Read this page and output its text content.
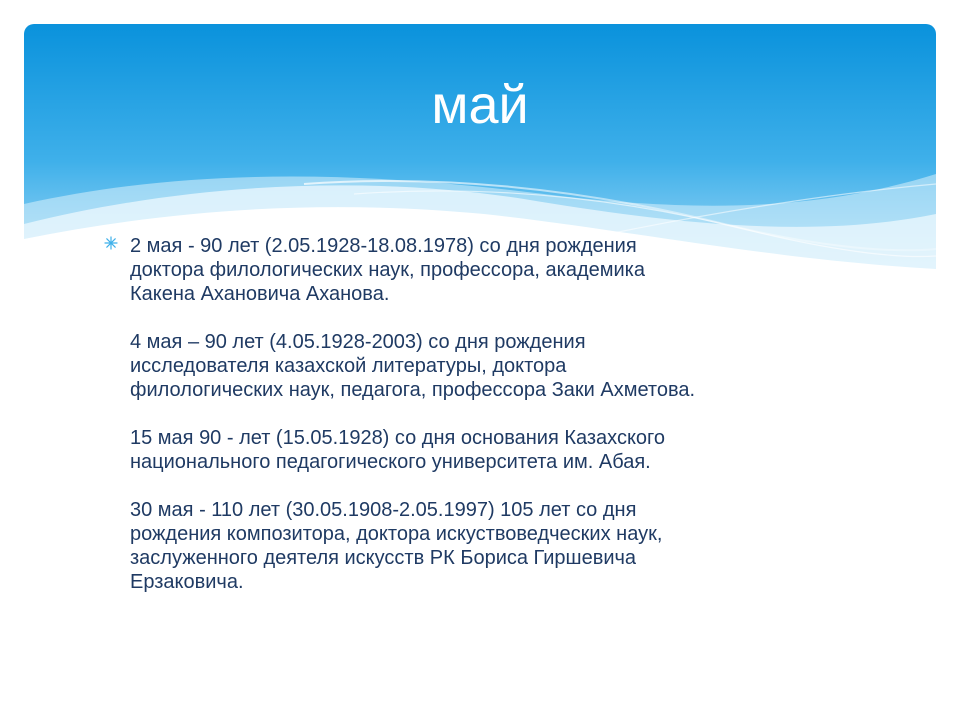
май

2 мая - 90 лет (2.05.1928-18.08.1978) со дня рождения
доктора филологических наук, профессора, академика
Какена Ахановича Аханова.

4 мая – 90 лет (4.05.1928-2003) со дня рождения
исследователя казахской литературы, доктора
филологических наук, педагога, профессора Заки Ахметова.

15 мая 90 - лет (15.05.1928) со дня основания Казахского
национального педагогического университета им. Абая.

30 мая - 110 лет (30.05.1908-2.05.1997) 105 лет со дня
рождения композитора, доктора искуствоведческих наук,
заслуженного деятеля искусств РК Бориса Гиршевича
Ерзаковича.
